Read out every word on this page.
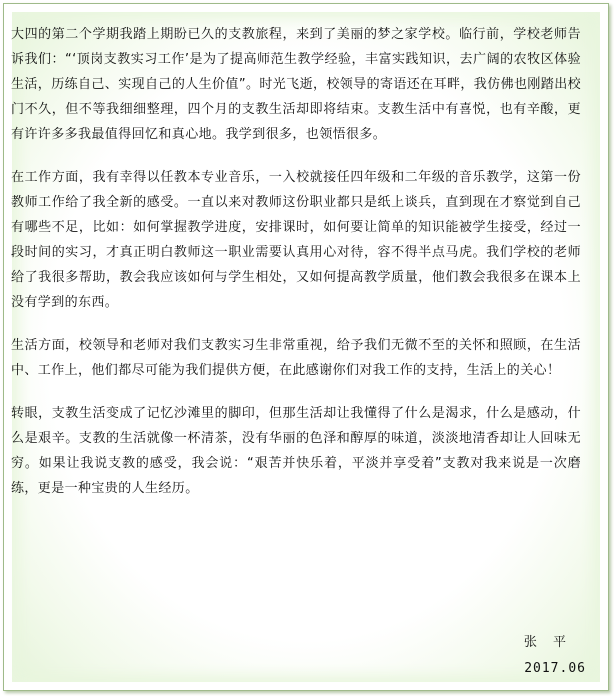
大四的第二个学期我踏上期盼已久的支教旅程，来到了美丽的梦之家学校。临行前，学校老师告诉我们：“‘顶岗支教实习工作’是为了提高师范生教学经验，丰富实践知识，去广阔的农牧区体验生活，历练自己、实现自己的人生价值”。时光飞逝，校领导的寄语还在耳畔，我仿佛也刚踏出校门不久，但不等我细细整理，四个月的支教生活却即将结束。支教生活中有喜悦，也有辛酸，更有许许多多我最值得回忆和真心地。我学到很多，也领悟很多。

在工作方面，我有幸得以任教本专业音乐，一入校就接任四年级和二年级的音乐教学，这第一份教师工作给了我全新的感受。一直以来对教师这份职业都只是纸上谈兵，直到现在才察觉到自己有哪些不足，比如：如何掌握教学进度，安排课时，如何要让简单的知识能被学生接受，经过一段时间的实习，才真正明白教师这一职业需要认真用心对待，容不得半点马虎。我们学校的老师给了我很多帮助，教会我应该如何与学生相处，又如何提高教学质量，他们教会我很多在课本上没有学到的东西。

生活方面，校领导和老师对我们支教实习生非常重视，给予我们无微不至的关怀和照顾，在生活中、工作上，他们都尽可能为我们提供方便，在此感谢你们对我工作的支持，生活上的关心！

转眼，支教生活变成了记忆沙滩里的脚印，但那生活却让我懂得了什么是渴求，什么是感动，什么是艰辛。支教的生活就像一杯清茶，没有华丽的色泽和醇厚的味道，淡淡地清香却让人回味无穷。如果让我说支教的感受，我会说：“艰苦并快乐着，平淡并享受着”支教对我来说是一次磨练，更是一种宝贵的人生经历。

张 平
2017.06
